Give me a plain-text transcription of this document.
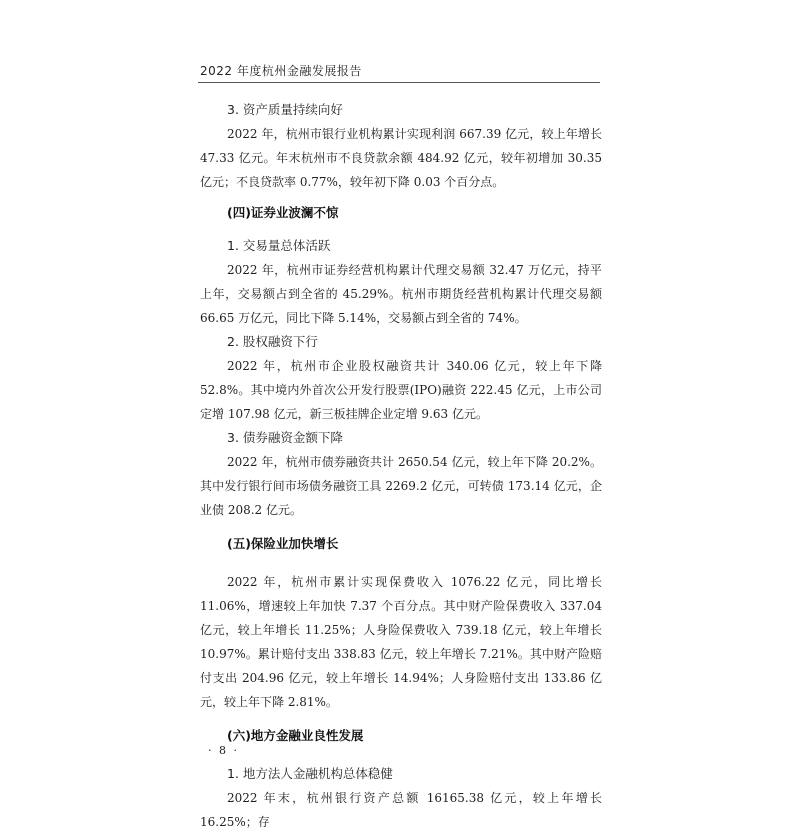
2022 年度杭州金融发展报告

3. 资产质量持续向好

2022 年，杭州市银行业机构累计实现利润 667.39 亿元，较上年增长 47.33 亿元。年末杭州市不良贷款余额 484.92 亿元，较年初增加 30.35 亿元；不良贷款率 0.77%，较年初下降 0.03 个百分点。

(四)证券业波澜不惊

1. 交易量总体活跃

2022 年，杭州市证券经营机构累计代理交易额 32.47 万亿元，持平上年，交易额占到全省的 45.29%。杭州市期货经营机构累计代理交易额 66.65 万亿元，同比下降 5.14%，交易额占到全省的 74%。

2. 股权融资下行

2022 年，杭州市企业股权融资共计 340.06 亿元，较上年下降 52.8%。其中境内外首次公开发行股票(IPO)融资 222.45 亿元，上市公司定增 107.98 亿元，新三板挂牌企业定增 9.63 亿元。

3. 债券融资金额下降

2022 年，杭州市债券融资共计 2650.54 亿元，较上年下降 20.2%。其中发行银行间市场债务融资工具 2269.2 亿元，可转债 173.14 亿元，企业债 208.2 亿元。

(五)保险业加快增长

2022 年，杭州市累计实现保费收入 1076.22 亿元，同比增长 11.06%，增速较上年加快 7.37 个百分点。其中财产险保费收入 337.04 亿元，较上年增长 11.25%；人身险保费收入 739.18 亿元，较上年增长 10.97%。累计赔付支出 338.83 亿元，较上年增长 7.21%。其中财产险赔付支出 204.96 亿元，较上年增长 14.94%；人身险赔付支出 133.86 亿元，较上年下降 2.81%。

(六)地方金融业良性发展

1. 地方法人金融机构总体稳健

2022 年末，杭州银行资产总额 16165.38 亿元，较上年增长 16.25%；存

· 8 ·
